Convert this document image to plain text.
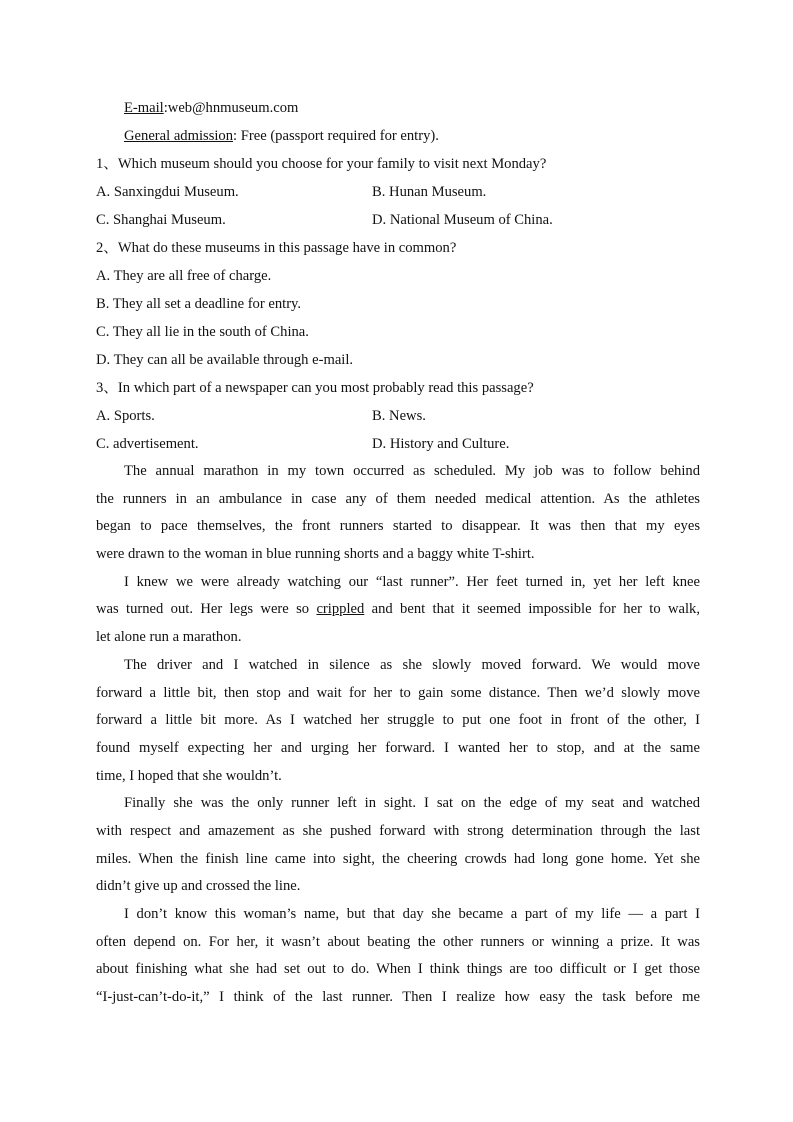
E-mail:web@hnmuseum.com
General admission: Free (passport required for entry).
1、Which museum should you choose for your family to visit next Monday?
A. Sanxingdui Museum.	B. Hunan Museum.
C. Shanghai Museum.	D. National Museum of China.
2、What do these museums in this passage have in common?
A. They are all free of charge.
B. They all set a deadline for entry.
C. They all lie in the south of China.
D. They can all be available through e-mail.
3、In which part of a newspaper can you most probably read this passage?
A. Sports.	B. News.
C. advertisement.	D. History and Culture.
The annual marathon in my town occurred as scheduled. My job was to follow behind
the runners in an ambulance in case any of them needed medical attention. As the athletes
began to pace themselves, the front runners started to disappear. It was then that my eyes
were drawn to the woman in blue running shorts and a baggy white T-shirt.
I knew we were already watching our “last runner”. Her feet turned in, yet her left knee
was turned out. Her legs were so crippled and bent that it seemed impossible for her to walk,
let alone run a marathon.
The driver and I watched in silence as she slowly moved forward. We would move
forward a little bit, then stop and wait for her to gain some distance. Then we’d slowly move
forward a little bit more. As I watched her struggle to put one foot in front of the other, I
found myself expecting her and urging her forward. I wanted her to stop, and at the same
time, I hoped that she wouldn’t.
Finally she was the only runner left in sight. I sat on the edge of my seat and watched
with respect and amazement as she pushed forward with strong determination through the last
miles. When the finish line came into sight, the cheering crowds had long gone home. Yet she
didn’t give up and crossed the line.
I don’t know this woman’s name, but that day she became a part of my life — a part I
often depend on. For her, it wasn’t about beating the other runners or winning a prize. It was
about finishing what she had set out to do. When I think things are too difficult or I get those
“I-just-can’t-do-it,” I think of the last runner. Then I realize how easy the task before me
